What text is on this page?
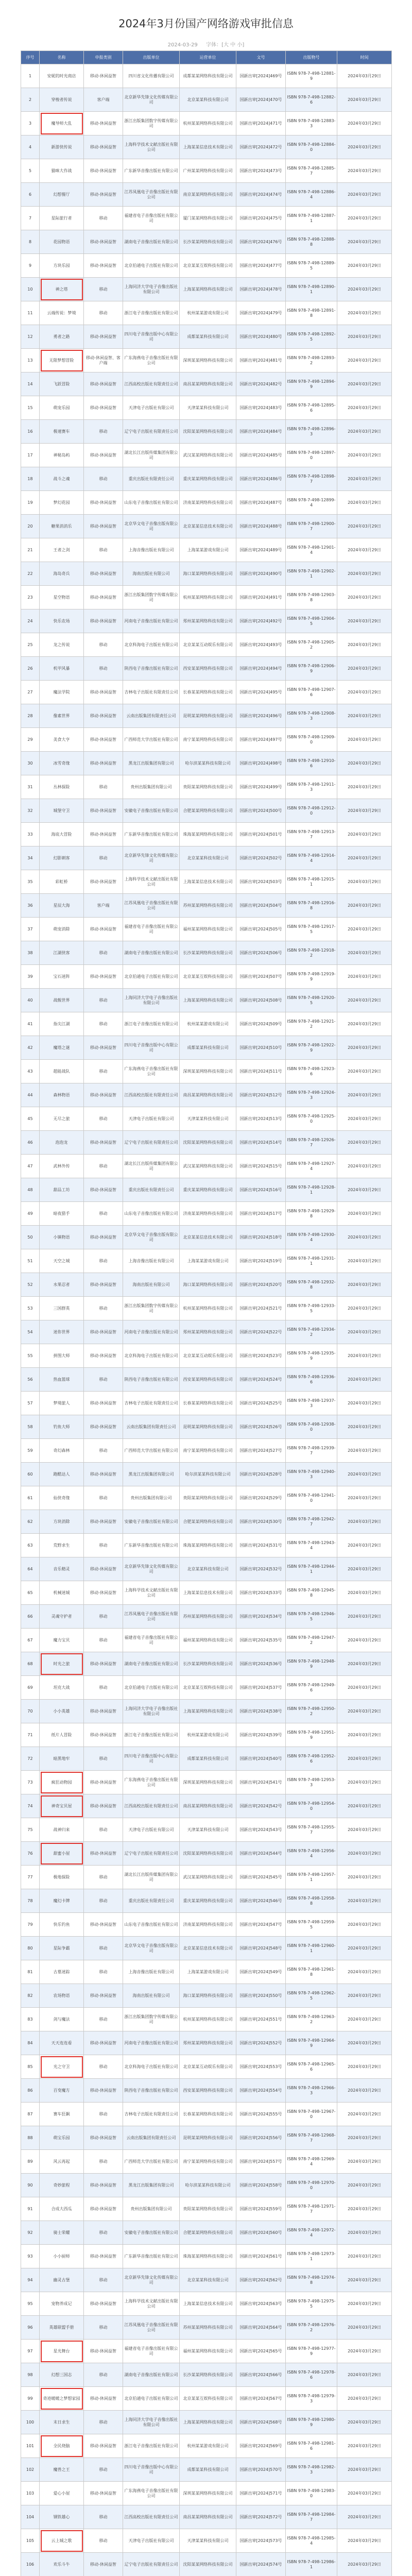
2024年3月份国产网络游戏审批信息
2024-03-29 　 字体：[大 中 小]
序号	名称	申报类别	出版单位	运营单位	文号	出版物号	时间
1	安妮的时光商店	移动-休闲益智	四川省文化传播有限公司	成都某某网络科技有限公司	国新出审[2024]469号	ISBN 978-7-498-12881-9	2024年03月29日
2	穿梭者传说	客户端	北京新华先锋文化传媒有限公司	北京某某科技有限公司	国新出审[2024]470号	ISBN 978-7-498-12882-6	2024年03月29日
3	魔导师大乱	移动-休闲益智	浙江出版集团数字传媒有限公司	杭州某某网络科技有限公司	国新出审[2024]471号	ISBN 978-7-498-12883-3	2024年03月29日
4	新游侠传说	移动-休闲益智	上海科学技术文献出版社有限公司	上海某某信息技术有限公司	国新出审[2024]472号	ISBN 978-7-498-12884-0	2024年03月29日
5	猫咪大作战	移动-休闲益智	广东新华音像出版社有限公司	广州某某网络科技有限公司	国新出审[2024]473号	ISBN 978-7-498-12885-7	2024年03月29日
6	幻想餐厅	移动-休闲益智	江苏凤凰电子音像出版社有限公司	南京某某网络科技有限公司	国新出审[2024]474号	ISBN 978-7-498-12886-4	2024年03月29日
7	星际旅行者	移动	福建省电子音像出版社有限公司	厦门某某网络科技有限公司	国新出审[2024]475号	ISBN 978-7-498-12887-1	2024年03月29日
8	花园物语	移动-休闲益智	湖南电子音像出版社有限公司	长沙某某网络科技有限公司	国新出审[2024]476号	ISBN 978-7-498-12888-8	2024年03月29日
9	方块乐园	移动-休闲益智	北京伯通电子出版社有限公司	北京某某互娱科技有限公司	国新出审[2024]477号	ISBN 978-7-498-12889-5	2024年03月29日
10	神之塔	移动	上海同济大学电子音像出版社有限公司	上海某某网络科技有限公司	国新出审[2024]478号	ISBN 978-7-498-12890-1	2024年03月29日
11	云端传说：梦境	移动	浙江电子音像出版社有限公司	杭州某某游戏有限公司	国新出审[2024]479号	ISBN 978-7-498-12891-8	2024年03月29日
12	勇者之路	移动-休闲益智	四川电子音像出版中心有限公司	成都某某科技有限公司	国新出审[2024]480号	ISBN 978-7-498-12892-5	2024年03月29日
13	无限梦想冒险	移动-休闲益智、客户端	广东海燕电子音像出版社有限公司	深圳某某网络科技有限公司	国新出审[2024]481号	ISBN 978-7-498-12893-2	2024年03月29日
14	飞跃冒险	移动-休闲益智	江西高校出版社有限责任公司	南昌某某网络科技有限公司	国新出审[2024]482号	ISBN 978-7-498-12894-9	2024年03月29日
15	萌宠乐园	移动-休闲益智	天津电子出版社有限公司	天津某某科技有限公司	国新出审[2024]483号	ISBN 978-7-498-12895-6	2024年03月29日
16	极速赛车	移动	辽宁电子出版社有限责任公司	沈阳某某网络科技有限公司	国新出审[2024]484号	ISBN 978-7-498-12896-3	2024年03月29日
17	神秘岛屿	移动-休闲益智	湖北长江出版传媒集团有限公司	武汉某某网络科技有限公司	国新出审[2024]485号	ISBN 978-7-498-12897-0	2024年03月29日
18	战斗之魂	移动	重庆出版社有限责任公司	重庆某某网络科技有限公司	国新出审[2024]486号	ISBN 978-7-498-12898-7	2024年03月29日
19	梦幻花园	移动-休闲益智	山东电子音像出版社有限公司	济南某某网络科技有限公司	国新出审[2024]487号	ISBN 978-7-498-12899-4	2024年03月29日
20	糖果消消乐	移动-休闲益智	北京华文电子音像出版有限公司	北京某某信息技术有限公司	国新出审[2024]488号	ISBN 978-7-498-12900-7	2024年03月29日
21	王者之剑	移动	上海音像出版社有限公司	上海某某游戏有限公司	国新出审[2024]489号	ISBN 978-7-498-12901-4	2024年03月29日
22	海岛奇兵	移动-休闲益智	海南出版社有限公司	海口某某网络科技有限公司	国新出审[2024]490号	ISBN 978-7-498-12902-1	2024年03月29日
23	星空物语	移动-休闲益智	浙江出版集团数字传媒有限公司	杭州某某网络科技有限公司	国新出审[2024]491号	ISBN 978-7-498-12903-8	2024年03月29日
24	快乐农场	移动-休闲益智	河南电子音像出版社有限公司	郑州某某网络科技有限公司	国新出审[2024]492号	ISBN 978-7-498-12904-5	2024年03月29日
25	龙之传说	移动	北京科海电子出版社有限公司	北京某某互动娱乐有限公司	国新出审[2024]493号	ISBN 978-7-498-12905-2	2024年03月29日
26	机甲风暴	移动	陕西电子音像出版社有限公司	西安某某网络科技有限公司	国新出审[2024]494号	ISBN 978-7-498-12906-9	2024年03月29日
27	魔法学院	移动-休闲益智	吉林电子出版社有限责任公司	长春某某网络科技有限公司	国新出审[2024]495号	ISBN 978-7-498-12907-6	2024年03月29日
28	像素世界	移动-休闲益智	云南出版集团有限责任公司	昆明某某网络科技有限公司	国新出审[2024]496号	ISBN 978-7-498-12908-3	2024年03月29日
29	美食大亨	移动-休闲益智	广西师范大学出版社有限公司	南宁某某网络科技有限公司	国新出审[2024]497号	ISBN 978-7-498-12909-0	2024年03月29日
30	冰雪奇缘	移动-休闲益智	黑龙江出版集团有限公司	哈尔滨某某科技有限公司	国新出审[2024]498号	ISBN 978-7-498-12910-6	2024年03月29日
31	丛林探险	移动	贵州出版集团有限公司	贵阳某某网络科技有限公司	国新出审[2024]499号	ISBN 978-7-498-12911-3	2024年03月29日
32	城堡守卫	移动-休闲益智	安徽电子音像出版社有限公司	合肥某某网络科技有限公司	国新出审[2024]500号	ISBN 978-7-498-12912-0	2024年03月29日
33	海底大冒险	移动-休闲益智	广东新华音像出版社有限公司	珠海某某网络科技有限公司	国新出审[2024]501号	ISBN 978-7-498-12913-7	2024年03月29日
34	幻影刺客	移动	北京新华先锋文化传媒有限公司	北京某某科技有限公司	国新出审[2024]502号	ISBN 978-7-498-12914-4	2024年03月29日
35	彩虹桥	移动-休闲益智	上海科学技术文献出版社有限公司	上海某某信息技术有限公司	国新出审[2024]503号	ISBN 978-7-498-12915-1	2024年03月29日
36	星辰大海	客户端	江苏凤凰电子音像出版社有限公司	苏州某某网络科技有限公司	国新出审[2024]504号	ISBN 978-7-498-12916-8	2024年03月29日
37	萌宠消除	移动-休闲益智	福建省电子音像出版社有限公司	福州某某网络科技有限公司	国新出审[2024]505号	ISBN 978-7-498-12917-5	2024年03月29日
38	江湖侠客	移动	湖南电子音像出版社有限公司	长沙某某网络科技有限公司	国新出审[2024]506号	ISBN 978-7-498-12918-2	2024年03月29日
39	宝石迷阵	移动-休闲益智	北京伯通电子出版社有限公司	北京某某互娱科技有限公司	国新出审[2024]507号	ISBN 978-7-498-12919-9	2024年03月29日
40	战舰世界	移动	上海同济大学电子音像出版社有限公司	上海某某网络科技有限公司	国新出审[2024]508号	ISBN 978-7-498-12920-5	2024年03月29日
41	指尖江湖	移动	浙江电子音像出版社有限公司	杭州某某游戏有限公司	国新出审[2024]509号	ISBN 978-7-498-12921-2	2024年03月29日
42	魔塔之谜	移动-休闲益智	四川电子音像出版中心有限公司	成都某某科技有限公司	国新出审[2024]510号	ISBN 978-7-498-12922-9	2024年03月29日
43	超能战队	移动	广东海燕电子音像出版社有限公司	深圳某某网络科技有限公司	国新出审[2024]511号	ISBN 978-7-498-12923-6	2024年03月29日
44	森林物语	移动-休闲益智	江西高校出版社有限责任公司	南昌某某网络科技有限公司	国新出审[2024]512号	ISBN 978-7-498-12924-3	2024年03月29日
45	无尽之旅	移动	天津电子出版社有限公司	天津某某科技有限公司	国新出审[2024]513号	ISBN 978-7-498-12925-0	2024年03月29日
46	泡泡龙	移动-休闲益智	辽宁电子出版社有限责任公司	沈阳某某网络科技有限公司	国新出审[2024]514号	ISBN 978-7-498-12926-7	2024年03月29日
47	武林外传	移动	湖北长江出版传媒集团有限公司	武汉某某网络科技有限公司	国新出审[2024]515号	ISBN 978-7-498-12927-4	2024年03月29日
48	甜品工坊	移动-休闲益智	重庆出版社有限责任公司	重庆某某网络科技有限公司	国新出审[2024]516号	ISBN 978-7-498-12928-1	2024年03月29日
49	暗夜猎手	移动	山东电子音像出版社有限公司	济南某某网络科技有限公司	国新出审[2024]517号	ISBN 978-7-498-12929-8	2024年03月29日
50	小镇物语	移动-休闲益智	北京华文电子音像出版有限公司	北京某某信息技术有限公司	国新出审[2024]518号	ISBN 978-7-498-12930-4	2024年03月29日
51	天空之城	移动	上海音像出版社有限公司	上海某某游戏有限公司	国新出审[2024]519号	ISBN 978-7-498-12931-1	2024年03月29日
52	水果忍者	移动-休闲益智	海南出版社有限公司	海口某某网络科技有限公司	国新出审[2024]520号	ISBN 978-7-498-12932-8	2024年03月29日
53	三国群英	移动	浙江出版集团数字传媒有限公司	杭州某某网络科技有限公司	国新出审[2024]521号	ISBN 978-7-498-12933-5	2024年03月29日
54	迷你世界	移动-休闲益智	河南电子音像出版社有限公司	郑州某某网络科技有限公司	国新出审[2024]522号	ISBN 978-7-498-12934-2	2024年03月29日
55	拼图大师	移动-休闲益智	北京科海电子出版社有限公司	北京某某互动娱乐有限公司	国新出审[2024]523号	ISBN 978-7-498-12935-9	2024年03月29日
56	热血篮球	移动	陕西电子音像出版社有限公司	西安某某网络科技有限公司	国新出审[2024]524号	ISBN 978-7-498-12936-6	2024年03月29日
57	梦境旅人	移动-休闲益智	吉林电子出版社有限责任公司	长春某某网络科技有限公司	国新出审[2024]525号	ISBN 978-7-498-12937-3	2024年03月29日
58	钓鱼大师	移动-休闲益智	云南出版集团有限责任公司	昆明某某网络科技有限公司	国新出审[2024]526号	ISBN 978-7-498-12938-0	2024年03月29日
59	奇幻森林	移动	广西师范大学出版社有限公司	南宁某某网络科技有限公司	国新出审[2024]527号	ISBN 978-7-498-12939-7	2024年03月29日
60	跑酷达人	移动-休闲益智	黑龙江出版集团有限公司	哈尔滨某某科技有限公司	国新出审[2024]528号	ISBN 978-7-498-12940-3	2024年03月29日
61	仙侠奇缘	移动	贵州出版集团有限公司	贵阳某某网络科技有限公司	国新出审[2024]529号	ISBN 978-7-498-12941-0	2024年03月29日
62	方块消除	移动-休闲益智	安徽电子音像出版社有限公司	合肥某某网络科技有限公司	国新出审[2024]530号	ISBN 978-7-498-12942-7	2024年03月29日
63	荒野求生	移动	广东新华音像出版社有限公司	珠海某某网络科技有限公司	国新出审[2024]531号	ISBN 978-7-498-12943-4	2024年03月29日
64	音乐精灵	移动-休闲益智	北京新华先锋文化传媒有限公司	北京某某科技有限公司	国新出审[2024]532号	ISBN 978-7-498-12944-1	2024年03月29日
65	机械迷城	移动-休闲益智	上海科学技术文献出版社有限公司	上海某某信息技术有限公司	国新出审[2024]533号	ISBN 978-7-498-12945-8	2024年03月29日
66	灵魂守护者	移动	江苏凤凰电子音像出版社有限公司	苏州某某网络科技有限公司	国新出审[2024]534号	ISBN 978-7-498-12946-5	2024年03月29日
67	魔力宝贝	移动	福建省电子音像出版社有限公司	福州某某网络科技有限公司	国新出审[2024]535号	ISBN 978-7-498-12947-2	2024年03月29日
68	时光之旅	移动-休闲益智	湖南电子音像出版社有限公司	长沙某某网络科技有限公司	国新出审[2024]536号	ISBN 978-7-498-12948-9	2024年03月29日
69	坦克大战	移动	北京伯通电子出版社有限公司	北京某某互娱科技有限公司	国新出审[2024]537号	ISBN 978-7-498-12949-6	2024年03月29日
70	小小英雄	移动-休闲益智	上海同济大学电子音像出版社有限公司	上海某某网络科技有限公司	国新出审[2024]538号	ISBN 978-7-498-12950-2	2024年03月29日
71	纸片人冒险	移动-休闲益智	浙江电子音像出版社有限公司	杭州某某游戏有限公司	国新出审[2024]539号	ISBN 978-7-498-12951-9	2024年03月29日
72	暗黑地牢	移动	四川电子音像出版中心有限公司	成都某某科技有限公司	国新出审[2024]540号	ISBN 978-7-498-12952-6	2024年03月29日
73	疯狂动物园	移动-休闲益智	广东海燕电子音像出版社有限公司	深圳某某网络科技有限公司	国新出审[2024]541号	ISBN 978-7-498-12953-3	2024年03月29日
74	神奇宝贝屋	移动-休闲益智	江西高校出版社有限责任公司	南昌某某网络科技有限公司	国新出审[2024]542号	ISBN 978-7-498-12954-0	2024年03月29日
75	战神归来	移动	天津电子出版社有限公司	天津某某科技有限公司	国新出审[2024]543号	ISBN 978-7-498-12955-7	2024年03月29日
76	甜蜜小屋	移动-休闲益智	辽宁电子出版社有限责任公司	沈阳某某网络科技有限公司	国新出审[2024]544号	ISBN 978-7-498-12956-4	2024年03月29日
77	极地探险	移动	湖北长江出版传媒集团有限公司	武汉某某网络科技有限公司	国新出审[2024]545号	ISBN 978-7-498-12957-1	2024年03月29日
78	魔幻卡牌	移动	重庆出版社有限责任公司	重庆某某网络科技有限公司	国新出审[2024]546号	ISBN 978-7-498-12958-8	2024年03月29日
79	快乐钓鱼	移动-休闲益智	山东电子音像出版社有限公司	济南某某网络科技有限公司	国新出审[2024]547号	ISBN 978-7-498-12959-5	2024年03月29日
80	星际争霸	移动	北京华文电子音像出版有限公司	北京某某信息技术有限公司	国新出审[2024]548号	ISBN 978-7-498-12960-1	2024年03月29日
81	古墓迷踪	移动	上海音像出版社有限公司	上海某某游戏有限公司	国新出审[2024]549号	ISBN 978-7-498-12961-8	2024年03月29日
82	农场物语	移动-休闲益智	海南出版社有限公司	海口某某网络科技有限公司	国新出审[2024]550号	ISBN 978-7-498-12962-5	2024年03月29日
83	剑与魔法	移动	浙江出版集团数字传媒有限公司	杭州某某网络科技有限公司	国新出审[2024]551号	ISBN 978-7-498-12963-2	2024年03月29日
84	天天连连看	移动-休闲益智	河南电子音像出版社有限公司	郑州某某网络科技有限公司	国新出审[2024]552号	ISBN 978-7-498-12964-9	2024年03月29日
85	光之守卫	移动	北京科海电子出版社有限公司	北京某某互动娱乐有限公司	国新出审[2024]553号	ISBN 978-7-498-12965-6	2024年03月29日
86	百变魔方	移动-休闲益智	陕西电子音像出版社有限公司	西安某某网络科技有限公司	国新出审[2024]554号	ISBN 978-7-498-12966-3	2024年03月29日
87	赛车狂飙	移动	吉林电子出版社有限责任公司	长春某某网络科技有限公司	国新出审[2024]555号	ISBN 978-7-498-12967-0	2024年03月29日
88	萌宝乐园	移动-休闲益智	云南出版集团有限责任公司	昆明某某网络科技有限公司	国新出审[2024]556号	ISBN 978-7-498-12968-7	2024年03月29日
89	风云再起	移动	广西师范大学出版社有限公司	南宁某某网络科技有限公司	国新出审[2024]557号	ISBN 978-7-498-12969-4	2024年03月29日
90	奇妙旅程	移动-休闲益智	黑龙江出版集团有限公司	哈尔滨某某科技有限公司	国新出审[2024]558号	ISBN 978-7-498-12970-0	2024年03月29日
91	合成大西瓜	移动-休闲益智	贵州出版集团有限公司	贵阳某某网络科技有限公司	国新出审[2024]559号	ISBN 978-7-498-12971-7	2024年03月29日
92	骑士荣耀	移动	安徽电子音像出版社有限公司	合肥某某网络科技有限公司	国新出审[2024]560号	ISBN 978-7-498-12972-4	2024年03月29日
93	小小厨师	移动-休闲益智	广东新华音像出版社有限公司	珠海某某网络科技有限公司	国新出审[2024]561号	ISBN 978-7-498-12973-1	2024年03月29日
94	幽灵古堡	移动	北京新华先锋文化传媒有限公司	北京某某科技有限公司	国新出审[2024]562号	ISBN 978-7-498-12974-8	2024年03月29日
95	宠物养成记	移动-休闲益智	上海科学技术文献出版社有限公司	上海某某信息技术有限公司	国新出审[2024]563号	ISBN 978-7-498-12975-5	2024年03月29日
96	英雄联盟手册	移动	江苏凤凰电子音像出版社有限公司	苏州某某网络科技有限公司	国新出审[2024]564号	ISBN 978-7-498-12976-2	2024年03月29日
97	星光舞台	移动-休闲益智	福建省电子音像出版社有限公司	福州某某网络科技有限公司	国新出审[2024]565号	ISBN 978-7-498-12977-9	2024年03月29日
98	幻想三国志	移动	湖南电子音像出版社有限公司	长沙某某网络科技有限公司	国新出审[2024]566号	ISBN 978-7-498-12978-6	2024年03月29日
99	奇迹暖暖之梦想家园	移动-休闲益智	北京伯通电子出版社有限公司	北京某某互娱科技有限公司	国新出审[2024]567号	ISBN 978-7-498-12979-3	2024年03月29日
100	末日求生	移动	上海同济大学电子音像出版社有限公司	上海某某网络科技有限公司	国新出审[2024]568号	ISBN 978-7-498-12980-9	2024年03月29日
101	全民烧脑	移动-休闲益智	浙江电子音像出版社有限公司	杭州某某游戏有限公司	国新出审[2024]569号	ISBN 978-7-498-12981-6	2024年03月29日
102	魔兽之王	移动	四川电子音像出版中心有限公司	成都某某科技有限公司	国新出审[2024]570号	ISBN 978-7-498-12982-3	2024年03月29日
103	爱心小屋	移动-休闲益智	广东海燕电子音像出版社有限公司	深圳某某网络科技有限公司	国新出审[2024]571号	ISBN 978-7-498-12983-0	2024年03月29日
104	钢铁雄心	移动	江西高校出版社有限责任公司	南昌某某网络科技有限公司	国新出审[2024]572号	ISBN 978-7-498-12984-7	2024年03月29日
105	云上城之歌	移动	天津电子出版社有限公司	天津某某科技有限公司	国新出审[2024]573号	ISBN 978-7-498-12985-4	2024年03月29日
106	欢乐斗牛	移动-休闲益智	辽宁电子出版社有限责任公司	沈阳某某网络科技有限公司	国新出审[2024]574号	ISBN 978-7-498-12986-1	2024年03月29日
